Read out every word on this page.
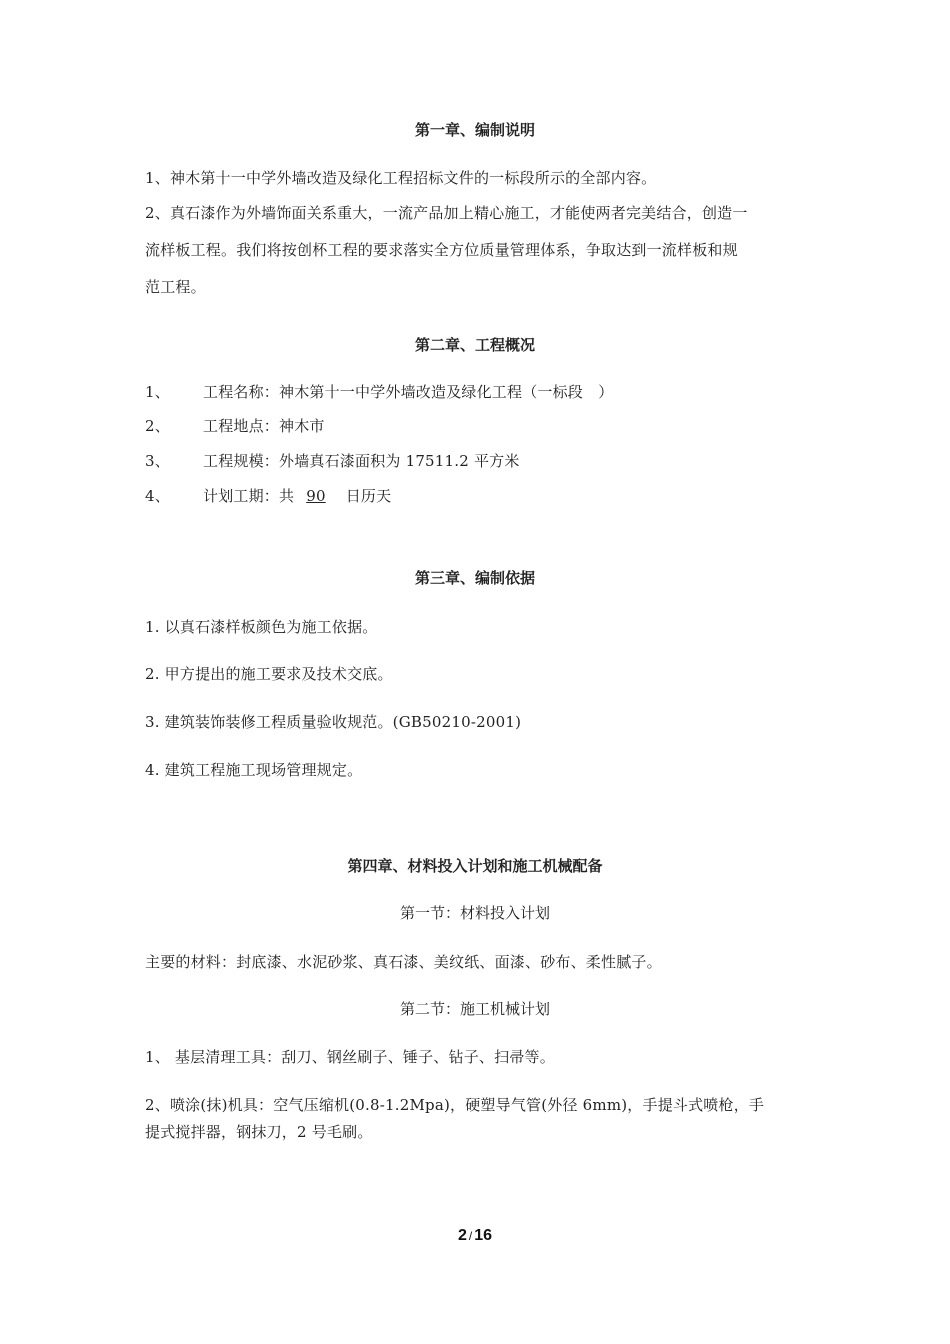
第一章、编制说明
1、神木第十一中学外墙改造及绿化工程招标文件的一标段所示的全部内容。
2、真石漆作为外墙饰面关系重大，一流产品加上精心施工，才能使两者完美结合，创造一
流样板工程。我们将按创杯工程的要求落实全方位质量管理体系，争取达到一流样板和规
范工程。
第二章、工程概况
1、 工程名称：神木第十一中学外墙改造及绿化工程（一标段　）
2、 工程地点：神木市
3、 工程规模：外墙真石漆面积为 17511.2 平方米
4、 计划工期：共 90 日历天
第三章、编制依据
1. 以真石漆样板颜色为施工依据。
2. 甲方提出的施工要求及技术交底。
3. 建筑装饰装修工程质量验收规范。(GB50210-2001)
4. 建筑工程施工现场管理规定。
第四章、材料投入计划和施工机械配备
第一节：材料投入计划
主要的材料：封底漆、水泥砂浆、真石漆、美纹纸、面漆、砂布、柔性腻子。
第二节：施工机械计划
1、 基层清理工具：刮刀、钢丝刷子、锤子、钻子、扫帚等。
2、喷涂(抹)机具：空气压缩机(0.8-1.2Mpa)，硬塑导气管(外径 6mm)，手提斗式喷枪，手
提式搅拌器，钢抹刀，2 号毛刷。
2 / 16
